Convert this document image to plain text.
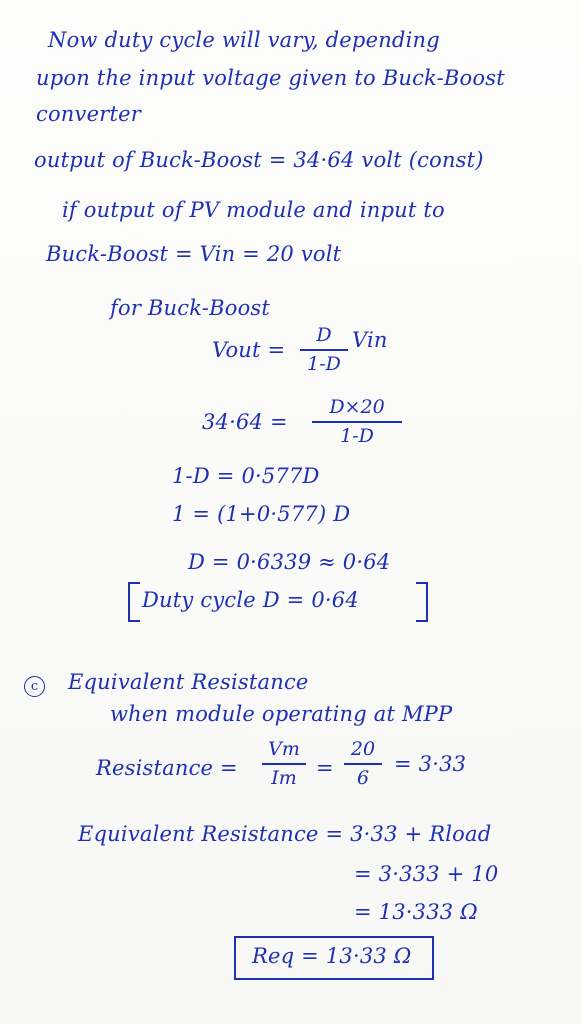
Now duty cycle will vary, depending
upon the input voltage given to Buck-Boost
converter
output of Buck-Boost = 34·64 volt (const)
if output of PV module and input to
Buck-Boost = Vin = 20 volt
for Buck-Boost
Vout =
D
1-D
Vin
34·64 =
D×20
1-D
1-D = 0·577D
1 = (1+0·577) D
D = 0·6339 ≈ 0·64
Duty cycle D = 0·64
c	Equivalent Resistance
when module operating at MPP
Resistance =
Vm
Im =
20
6
= 3·33
Equivalent Resistance = 3·33 + Rload
= 3·333 + 10
= 13·333 Ω
Req = 13·33 Ω
